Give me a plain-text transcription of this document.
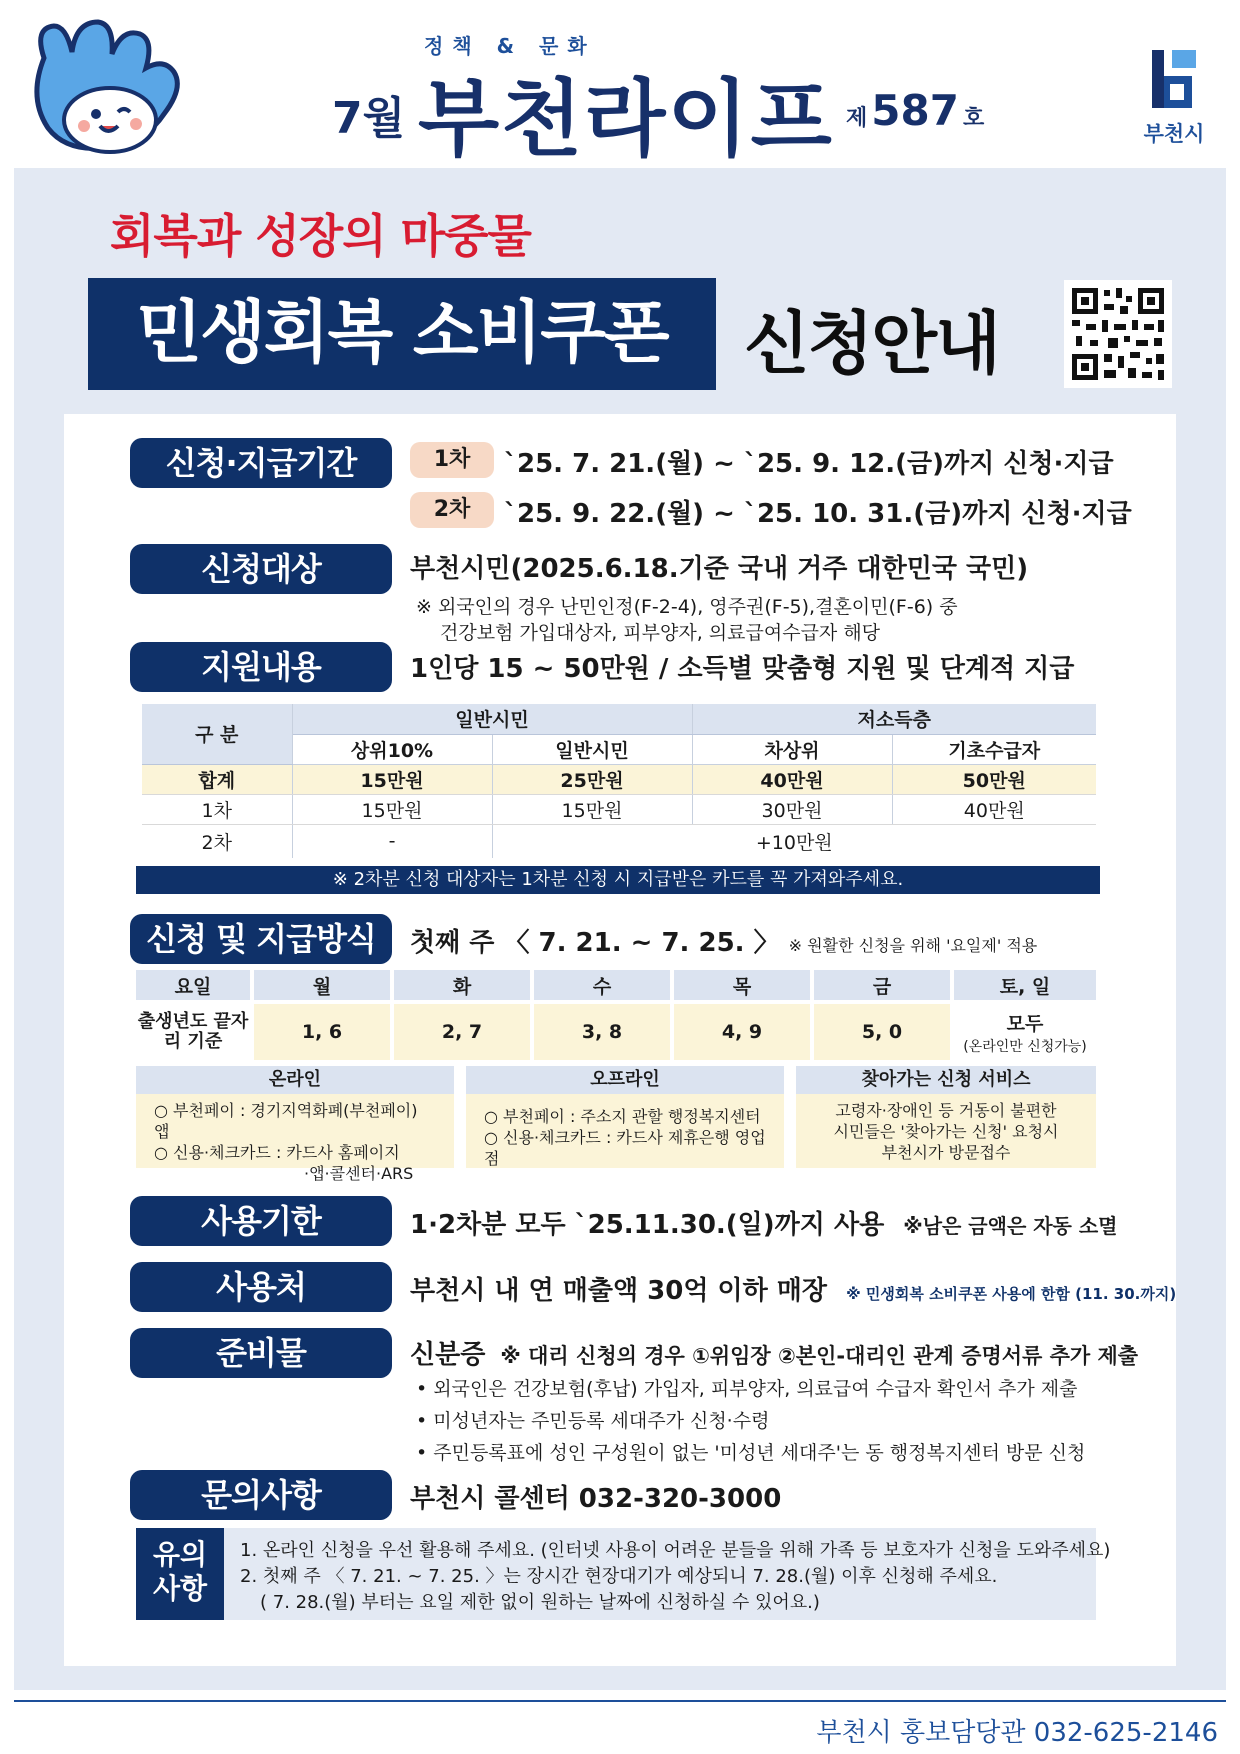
정책 & 문화
7월 부천라이프 제587 호
부천시
회복과 성장의 마중물
민생회복 소비쿠폰	신청안내
신청·지급기간	1차	`25. 7. 21.(월) ~ `25. 9. 12.(금)까지 신청·지급
2차	`25. 9. 22.(월) ~ `25. 10. 31.(금)까지 신청·지급
신청대상	부천시민(2025.6.18.기준 국내 거주 대한민국 국민)
※ 외국인의 경우 난민인정(F-2-4), 영주권(F-5),결혼이민(F-6) 중
건강보험 가입대상자, 피부양자, 의료급여수급자 해당
지원내용	1인당 15 ~ 50만원 / 소득별 맞춤형 지원 및 단계적 지급
구 분	일반시민		저소득층	
	상위10%	일반시민	차상위	기초수급자
합계	15만원	25만원	40만원	50만원
1차	15만원	15만원	30만원	40만원
2차	-	+10만원		
※ 2차분 신청 대상자는 1차분 신청 시 지급받은 카드를 꼭 가져와주세요.
신청 및 지급방식	첫째 주 〈 7. 21. ~ 7. 25. 〉 ※ 원활한 신청을 위해 '요일제' 적용
요일	월	화	수	목	금	토, 일
출생년도 끝자리 기준	1, 6	2, 7	3, 8	4, 9	5, 0	모두
(온라인만 신청가능)
온라인
○ 부천페이 : 경기지역화폐(부천페이) 앱
○ 신용·체크카드 : 카드사 홈페이지
·앱·콜센터·ARS
오프라인
○ 부천페이 : 주소지 관할 행정복지센터
○ 신용·체크카드 : 카드사 제휴은행 영업점
찾아가는 신청 서비스
고령자·장애인 등 거동이 불편한
시민들은 '찾아가는 신청' 요청시
부천시가 방문접수
사용기한	1·2차분 모두 `25.11.30.(일)까지 사용 ※남은 금액은 자동 소멸
사용처	부천시 내 연 매출액 30억 이하 매장 ※ 민생회복 소비쿠폰 사용에 한함 (11. 30.까지)
준비물	신분증 ※ 대리 신청의 경우 ①위임장 ②본인-대리인 관계 증명서류 추가 제출
• 외국인은 건강보험(후납) 가입자, 피부양자, 의료급여 수급자 확인서 추가 제출
• 미성년자는 주민등록 세대주가 신청·수령
• 주민등록표에 성인 구성원이 없는 '미성년 세대주'는 동 행정복지센터 방문 신청
문의사항	부천시 콜센터 032-320-3000
유의
사항
1. 온라인 신청을 우선 활용해 주세요. (인터넷 사용이 어려운 분들을 위해 가족 등 보호자가 신청을 도와주세요)
2. 첫째 주 〈 7. 21. ~ 7. 25. 〉는 장시간 현장대기가 예상되니 7. 28.(월) 이후 신청해 주세요.
( 7. 28.(월) 부터는 요일 제한 없이 원하는 날짜에 신청하실 수 있어요.)
부천시 홍보담당관 032-625-2146
